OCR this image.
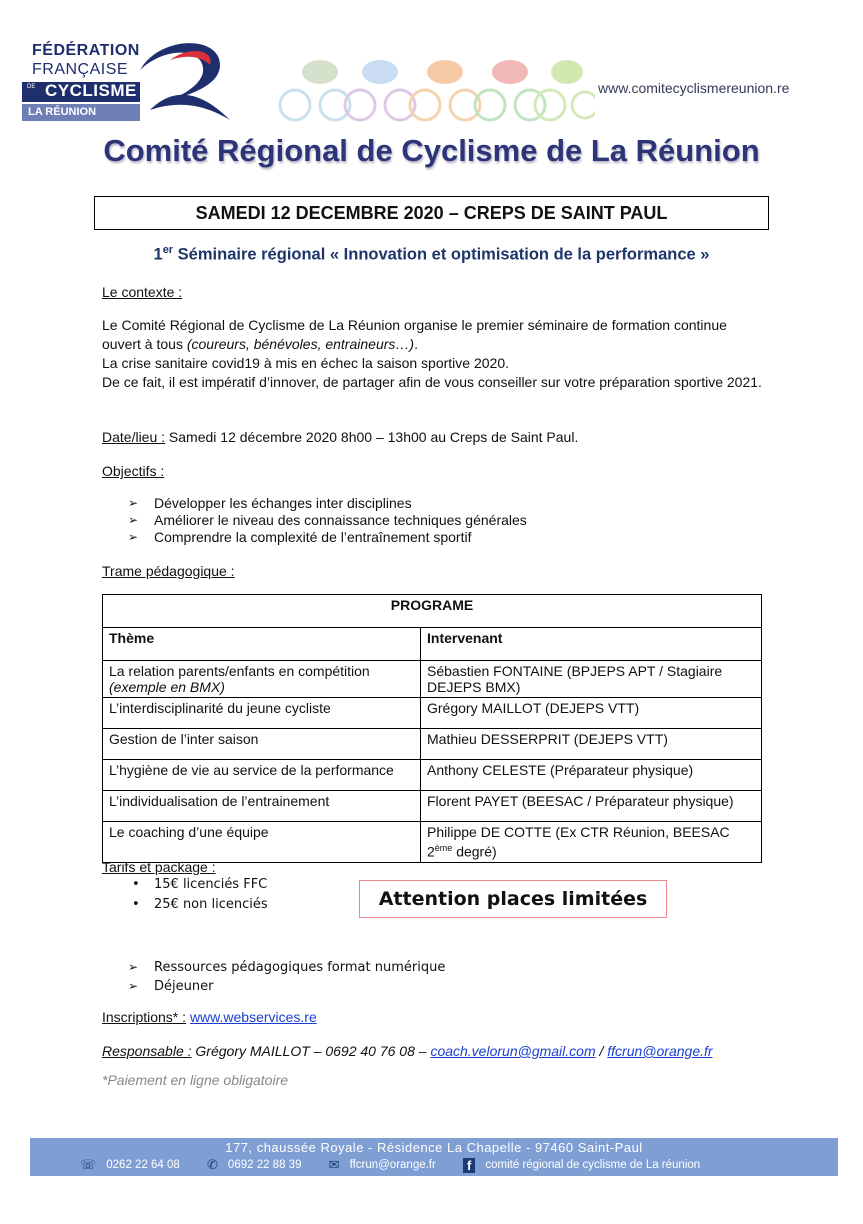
FÉDÉRATION
FRANÇAISE
DE CYCLISME
LA RÉUNION
www.comitecyclismereunion.re
Comité Régional de Cyclisme de La Réunion
SAMEDI 12 DECEMBRE 2020 – CREPS DE SAINT PAUL
1er Séminaire régional « Innovation et optimisation de la performance »
Le contexte :
Le Comité Régional de Cyclisme de La Réunion organise le premier séminaire de formation continue ouvert à tous (coureurs, bénévoles, entraineurs…).
La crise sanitaire covid19 à mis en échec la saison sportive 2020.
De ce fait, il est impératif d’innover, de partager afin de vous conseiller sur votre préparation sportive 2021.
Date/lieu : Samedi 12 décembre 2020 8h00 – 13h00 au Creps de Saint Paul.
Objectifs :
➢ Développer les échanges inter disciplines
➢ Améliorer le niveau des connaissance techniques générales
➢ Comprendre la complexité de l’entraînement sportif
Trame pédagogique :
PROGRAME	
Thème	Intervenant
La relation parents/enfants en compétition
(exemple en BMX)	Sébastien FONTAINE (BPJEPS APT / Stagiaire DEJEPS BMX)
L’interdisciplinarité du jeune cycliste	Grégory MAILLOT (DEJEPS VTT)
Gestion de l’inter saison	Mathieu DESSERPRIT (DEJEPS VTT)
L’hygiène de vie au service de la performance	Anthony CELESTE (Préparateur physique)
L’individualisation de l’entrainement	Florent PAYET (BEESAC / Préparateur physique)
Le coaching d’une équipe	Philippe DE COTTE (Ex CTR Réunion, BEESAC 2ème degré)
Tarifs et package :
• 15€ licenciés FFC
• 25€ non licenciés	Attention places limitées
➢ Ressources pédagogiques format numérique
➢ Déjeuner
Inscriptions* : www.webservices.re
Responsable : Grégory MAILLOT – 0692 40 76 08 – coach.velorun@gmail.com / ffcrun@orange.fr
*Paiement en ligne obligatoire
177, chaussée Royale - Résidence La Chapelle - 97460 Saint-Paul
☏ 0262 22 64 08 ✆ 0692 22 88 39 ✉ ffcrun@orange.fr f comité régional de cyclisme de La réunion
